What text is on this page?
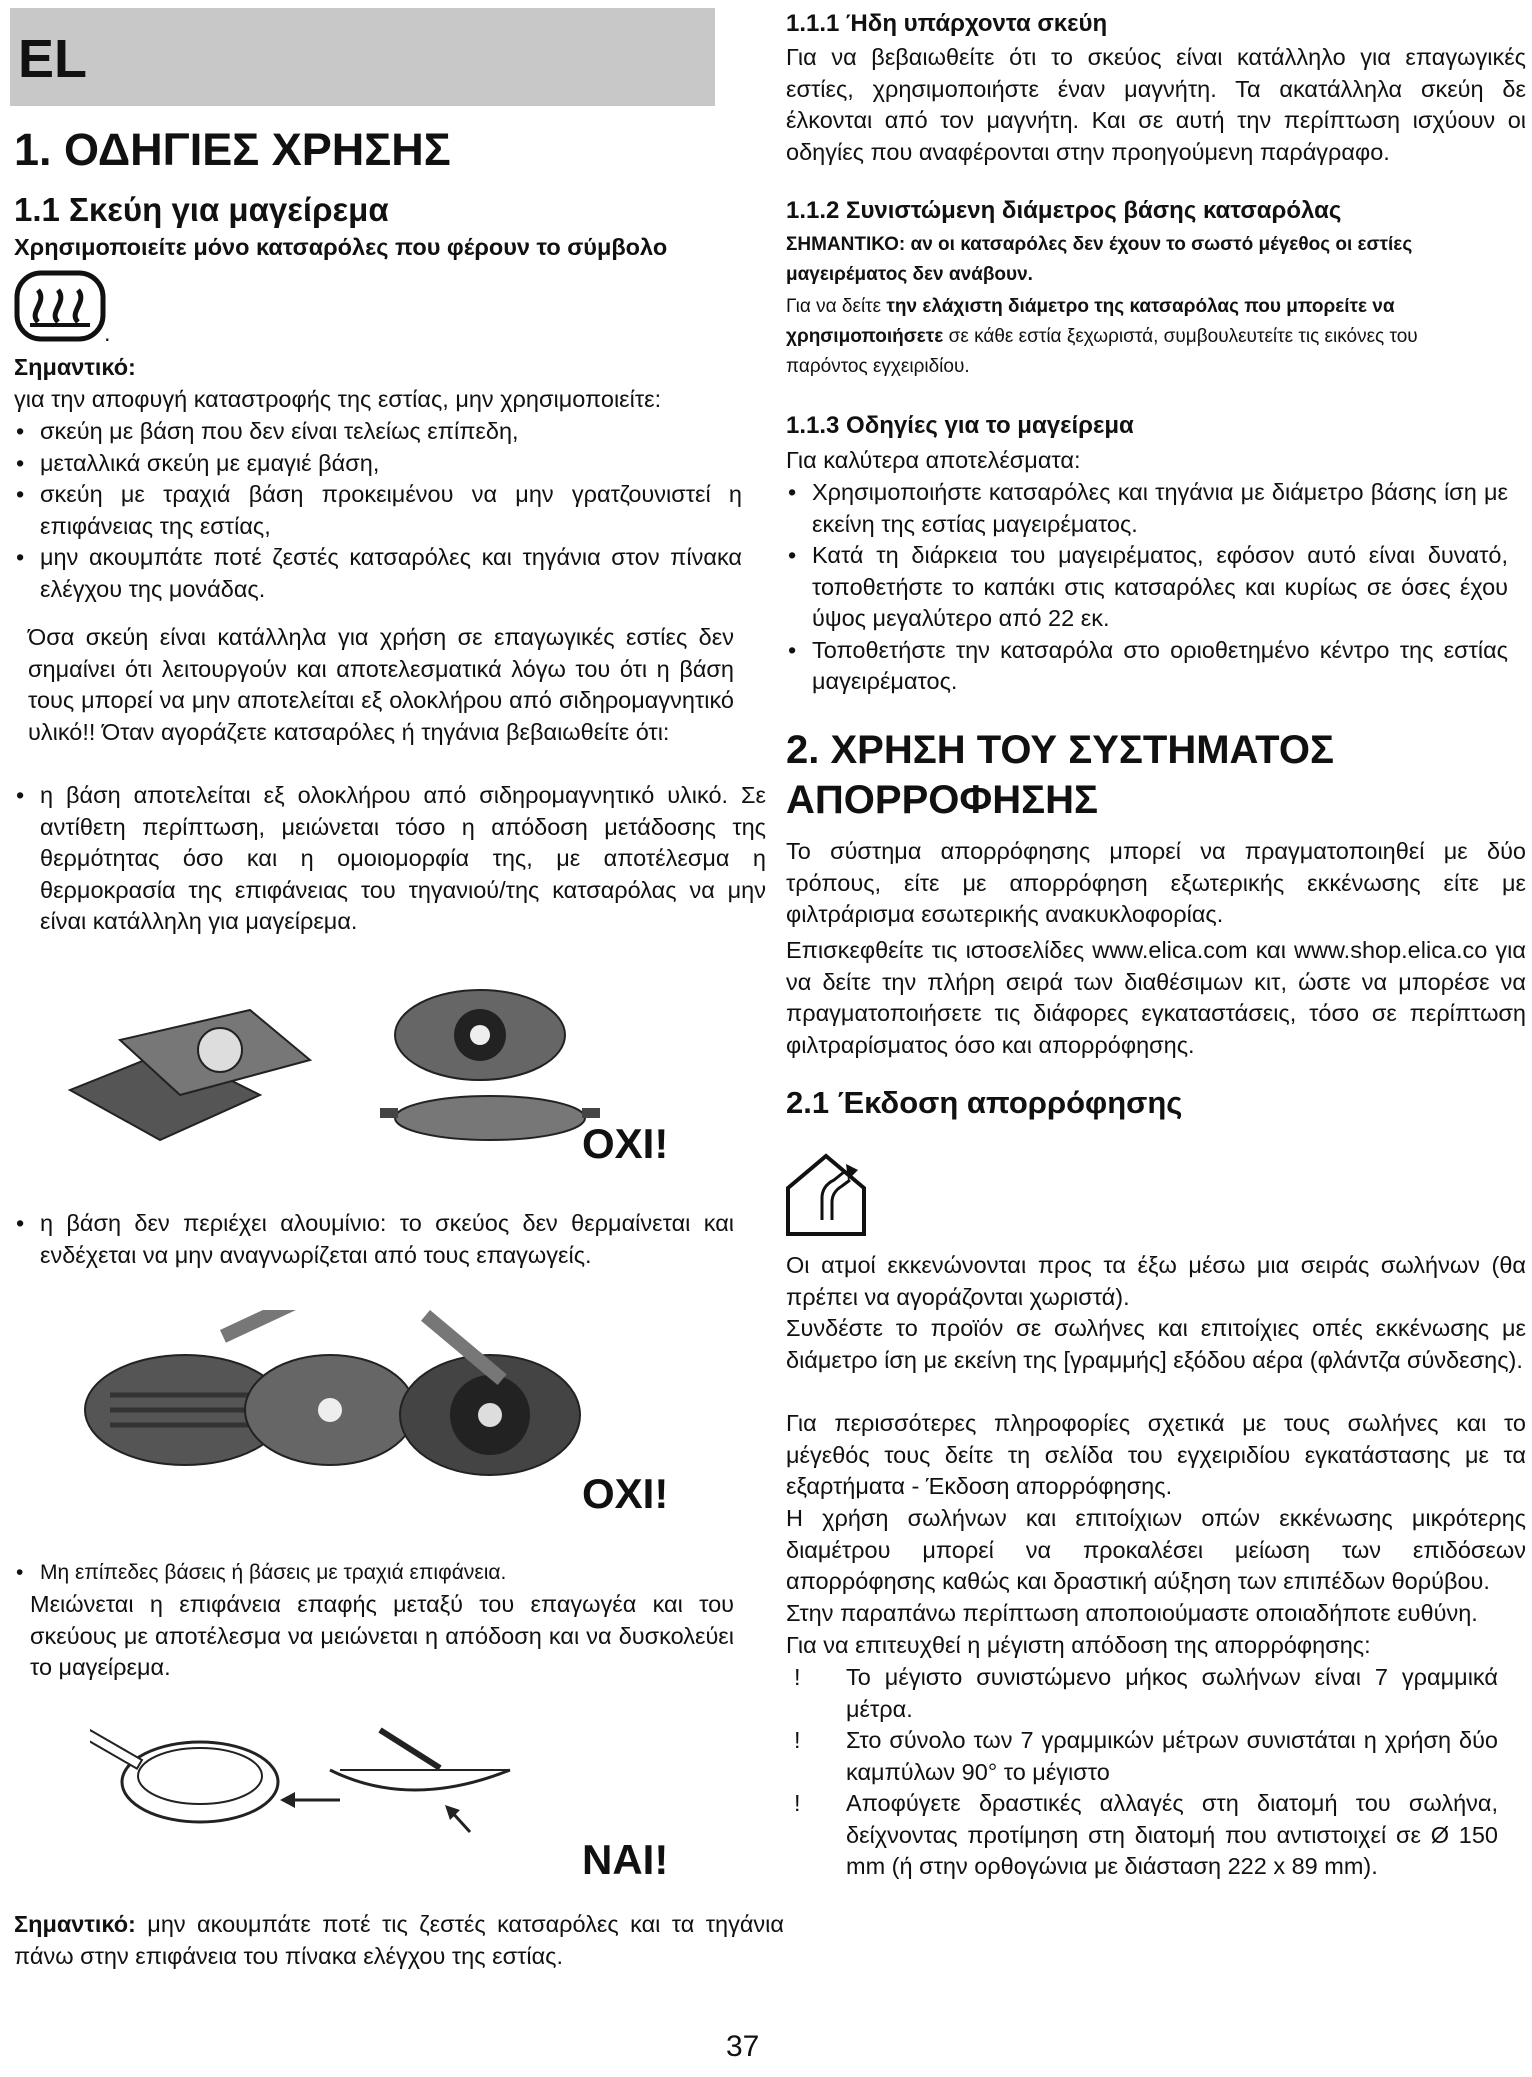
EL
1. ΟΔΗΓΙΕΣ ΧΡΗΣΗΣ
1.1 Σκεύη για μαγείρεμα
Χρησιμοποιείτε μόνο κατσαρόλες που φέρουν το σύμβολο
.
Σημαντικό:
για την αποφυγή καταστροφής της εστίας, μην χρησιμοποιείτε:
• σκεύη με βάση που δεν είναι τελείως επίπεδη,
• μεταλλικά σκεύη με εμαγιέ βάση,
• σκεύη με τραχιά βάση προκειμένου να μην γρατζουνιστεί η επιφάνειας της εστίας,
• μην ακουμπάτε ποτέ ζεστές κατσαρόλες και τηγάνια στον πίνακα ελέγχου της μονάδας.
Όσα σκεύη είναι κατάλληλα για χρήση σε επαγωγικές εστίες δεν σημαίνει ότι λειτουργούν και αποτελεσματικά λόγω του ότι η βάση τους μπορεί να μην αποτελείται εξ ολοκλήρου από σιδηρομαγνητικό υλικό!! Όταν αγοράζετε κατσαρόλες ή τηγάνια βεβαιωθείτε ότι:
• η βάση αποτελείται εξ ολοκλήρου από σιδηρομαγνητικό υλικό. Σε αντίθετη περίπτωση, μειώνεται τόσο η απόδοση μετάδοσης της θερμότητας όσο και η ομοιομορφία της, με αποτέλεσμα η θερμοκρασία της επιφάνειας του τηγανιού/της κατσαρόλας να μην είναι κατάλληλη για μαγείρεμα.
ΟΧΙ!
• η βάση δεν περιέχει αλουμίνιο: το σκεύος δεν θερμαίνεται και ενδέχεται να μην αναγνωρίζεται από τους επαγωγείς.
ΟΧΙ!
• Μη επίπεδες βάσεις ή βάσεις με τραχιά επιφάνεια.
Μειώνεται η επιφάνεια επαφής μεταξύ του επαγωγέα και του σκεύους με αποτέλεσμα να μειώνεται η απόδοση και να δυσκολεύει το μαγείρεμα.
ΝΑΙ!
Σημαντικό: μην ακουμπάτε ποτέ τις ζεστές κατσαρόλες και τα τηγάνια πάνω στην επιφάνεια του πίνακα ελέγχου της εστίας.
1.1.1 Ήδη υπάρχοντα σκεύη
Για να βεβαιωθείτε ότι το σκεύος είναι κατάλληλο για επαγωγικές εστίες, χρησιμοποιήστε έναν μαγνήτη. Τα ακατάλληλα σκεύη δε έλκονται από τον μαγνήτη. Και σε αυτή την περίπτωση ισχύουν οι οδηγίες που αναφέρονται στην προηγούμενη παράγραφο.
1.1.2 Συνιστώμενη διάμετρος βάσης κατσαρόλας
ΣΗΜΑΝΤΙΚΟ: αν οι κατσαρόλες δεν έχουν το σωστό μέγεθος οι εστίες μαγειρέματος δεν ανάβουν.
Για να δείτε την ελάχιστη διάμετρο της κατσαρόλας που μπορείτε να χρησιμοποιήσετε σε κάθε εστία ξεχωριστά, συμβουλευτείτε τις εικόνες του παρόντος εγχειριδίου.
1.1.3 Οδηγίες για το μαγείρεμα
Για καλύτερα αποτελέσματα:
• Χρησιμοποιήστε κατσαρόλες και τηγάνια με διάμετρο βάσης ίση με εκείνη της εστίας μαγειρέματος.
• Κατά τη διάρκεια του μαγειρέματος, εφόσον αυτό είναι δυνατό, τοποθετήστε το καπάκι στις κατσαρόλες και κυρίως σε όσες έχου ύψος μεγαλύτερο από 22 εκ.
• Τοποθετήστε την κατσαρόλα στο οριοθετημένο κέντρο της εστίας μαγειρέματος.
2. ΧΡΗΣΗ ΤΟΥ ΣΥΣΤΗΜΑΤΟΣ
ΑΠΟΡΡΟΦΗΣΗΣ
Το σύστημα απορρόφησης μπορεί να πραγματοποιηθεί με δύο τρόπους, είτε με απορρόφηση εξωτερικής εκκένωσης είτε με φιλτράρισμα εσωτερικής ανακυκλοφορίας.
Επισκεφθείτε τις ιστοσελίδες www.elica.com και www.shop.elica.co για να δείτε την πλήρη σειρά των διαθέσιμων κιτ, ώστε να μπορέσε να πραγματοποιήσετε τις διάφορες εγκαταστάσεις, τόσο σε περίπτωση φιλτραρίσματος όσο και απορρόφησης.
2.1 Έκδοση απορρόφησης
Οι ατμοί εκκενώνονται προς τα έξω μέσω μια σειράς σωλήνων (θα πρέπει να αγοράζονται χωριστά).
Συνδέστε το προϊόν σε σωλήνες και επιτοίχιες οπές εκκένωσης με διάμετρο ίση με εκείνη της [γραμμής] εξόδου αέρα (φλάντζα σύνδεσης).
Για περισσότερες πληροφορίες σχετικά με τους σωλήνες και το μέγεθός τους δείτε τη σελίδα του εγχειριδίου εγκατάστασης με τα εξαρτήματα - Έκδοση απορρόφησης.
Η χρήση σωλήνων και επιτοίχιων οπών εκκένωσης μικρότερης διαμέτρου μπορεί να προκαλέσει μείωση των επιδόσεων απορρόφησης καθώς και δραστική αύξηση των επιπέδων θορύβου.
Στην παραπάνω περίπτωση αποποιούμαστε οποιαδήποτε ευθύνη.
Για να επιτευχθεί η μέγιστη απόδοση της απορρόφησης:
! Το μέγιστο συνιστώμενο μήκος σωλήνων είναι 7 γραμμικά μέτρα.
! Στο σύνολο των 7 γραμμικών μέτρων συνιστάται η χρήση δύο καμπύλων 90° το μέγιστο
! Αποφύγετε δραστικές αλλαγές στη διατομή του σωλήνα, δείχνοντας προτίμηση στη διατομή που αντιστοιχεί σε Ø 150 mm (ή στην ορθογώνια με διάσταση 222 x 89 mm).
37
